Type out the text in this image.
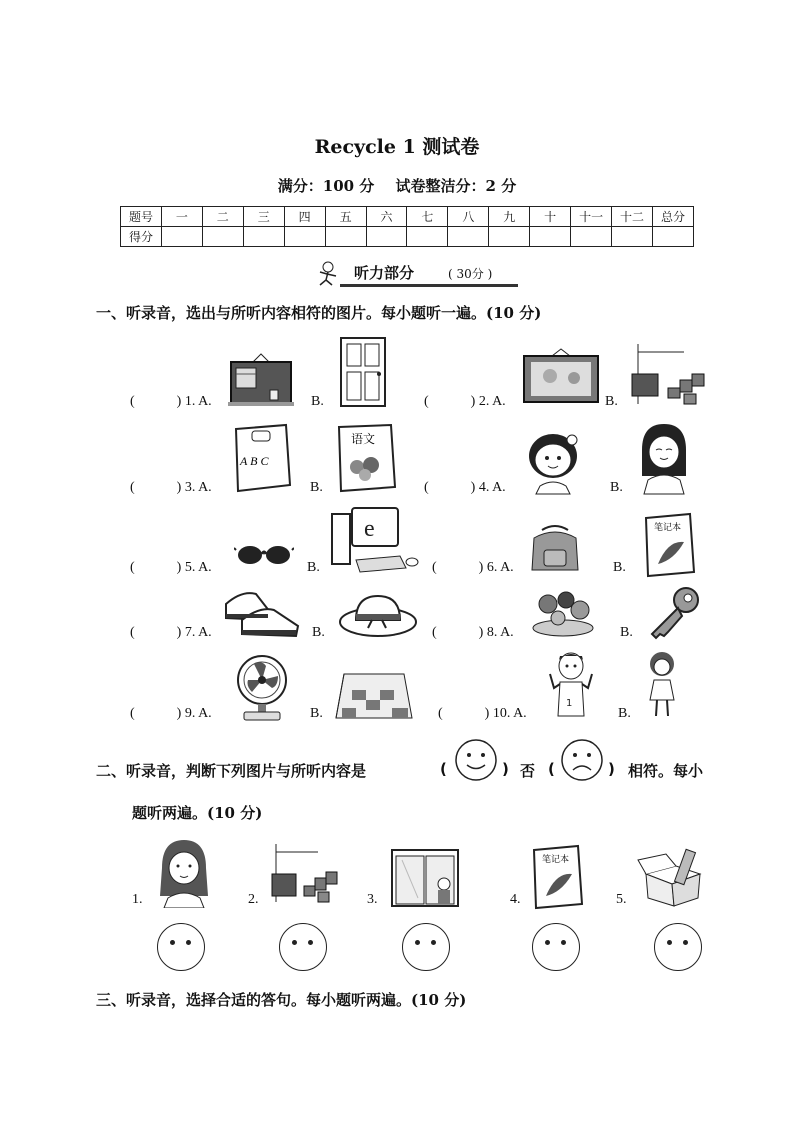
Recycle 1 测试卷
满分：100 分 试卷整洁分：2 分
题号	一	二	三	四	五	六	七	八	九	十	十一	十二	总分
得分													
听力部分	( 30分 )
一、听录音，选出与所听内容相符的图片。每小题听一遍。(10 分)
(	) 1. A.	B.	(	) 2. A.	B.
(	) 3. A.	B.	(	) 4. A.	B.
(	) 5. A.	B.	(	) 6. A.	B.
(	) 7. A.	B.	(	) 8. A.	B.
(	) 9. A.	B.	(	) 10. A.	B.
A B C
语文
e	笔记本
1
二、听录音，判断下列图片与所听内容是	(	) 否 (	) 相符。每小
题听两遍。(10 分)
1.	2.	3.	4.	5.
笔记本
三、听录音，选择合适的答句。每小题听两遍。(10 分)
